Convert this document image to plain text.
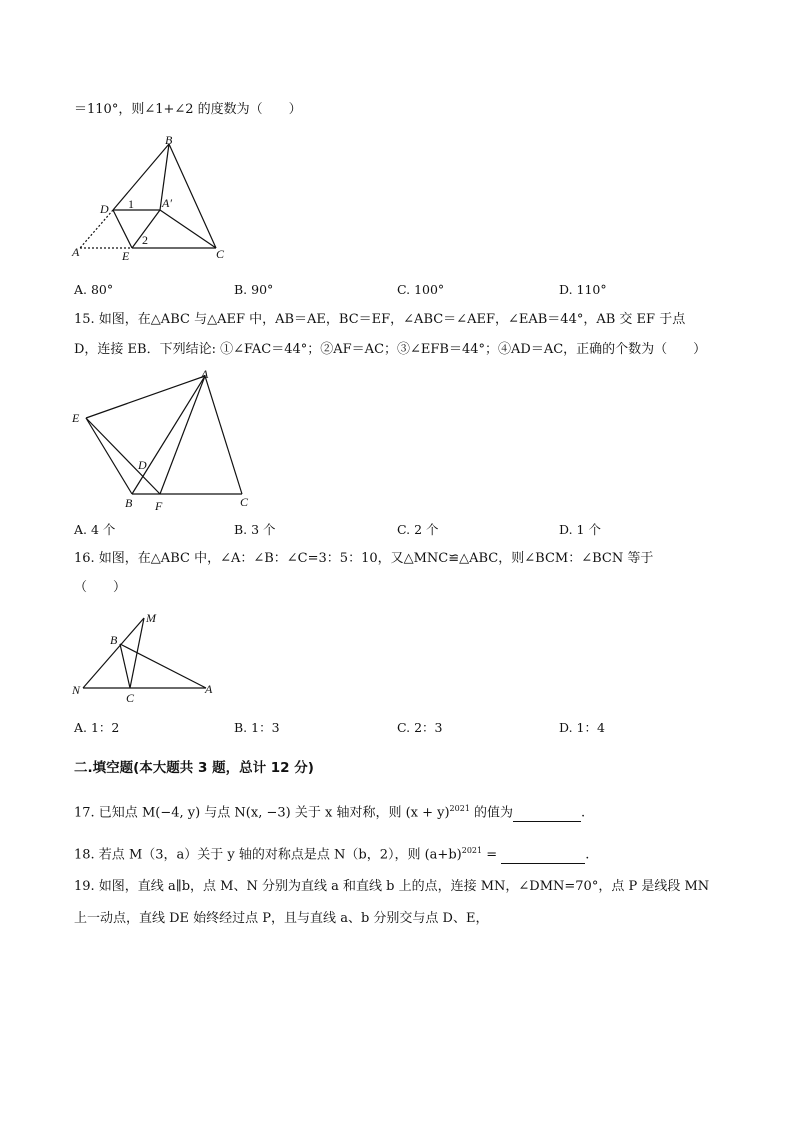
＝110°，则∠1+∠2 的度数为（　　）
B
D
A
A′
E	C
1
2
A. 80°	B. 90°	C. 100°	D. 110°
15. 如图，在△ABC 与△AEF 中，AB＝AE，BC＝EF，∠ABC＝∠AEF，∠EAB＝44°，AB 交 EF 于点
D，连接 EB．下列结论: ①∠FAC＝44°；②AF＝AC；③∠EFB＝44°；④AD＝AC，正确的个数为（　　）
A
E
D
B F	C
A. 4 个	B. 3 个	C. 2 个	D. 1 个
16. 如图，在△ABC 中，∠A：∠B：∠C=3：5：10，又△MNC≌△ABC，则∠BCM：∠BCN 等于
（　　）
M
B
N
C
A
A. 1：2	B. 1：3	C. 2：3	D. 1：4
二.填空题(本大题共 3 题，总计 12 分)
17. 已知点 M(−4, y) 与点 N(x, −3) 关于 x 轴对称，则 $(x + y)^{2021}$ 的值为	.
18. 若点 M（3，a）关于 y 轴的对称点是点 N（b，2），则 $(a+b)^{2021}$ =	.
19. 如图，直线 a∥b，点 M、N 分别为直线 a 和直线 b 上的点，连接 MN，∠DMN=70°，点 P 是线段 MN
上一动点，直线 DE 始终经过点 P，且与直线 a、b 分别交与点 D、E，
